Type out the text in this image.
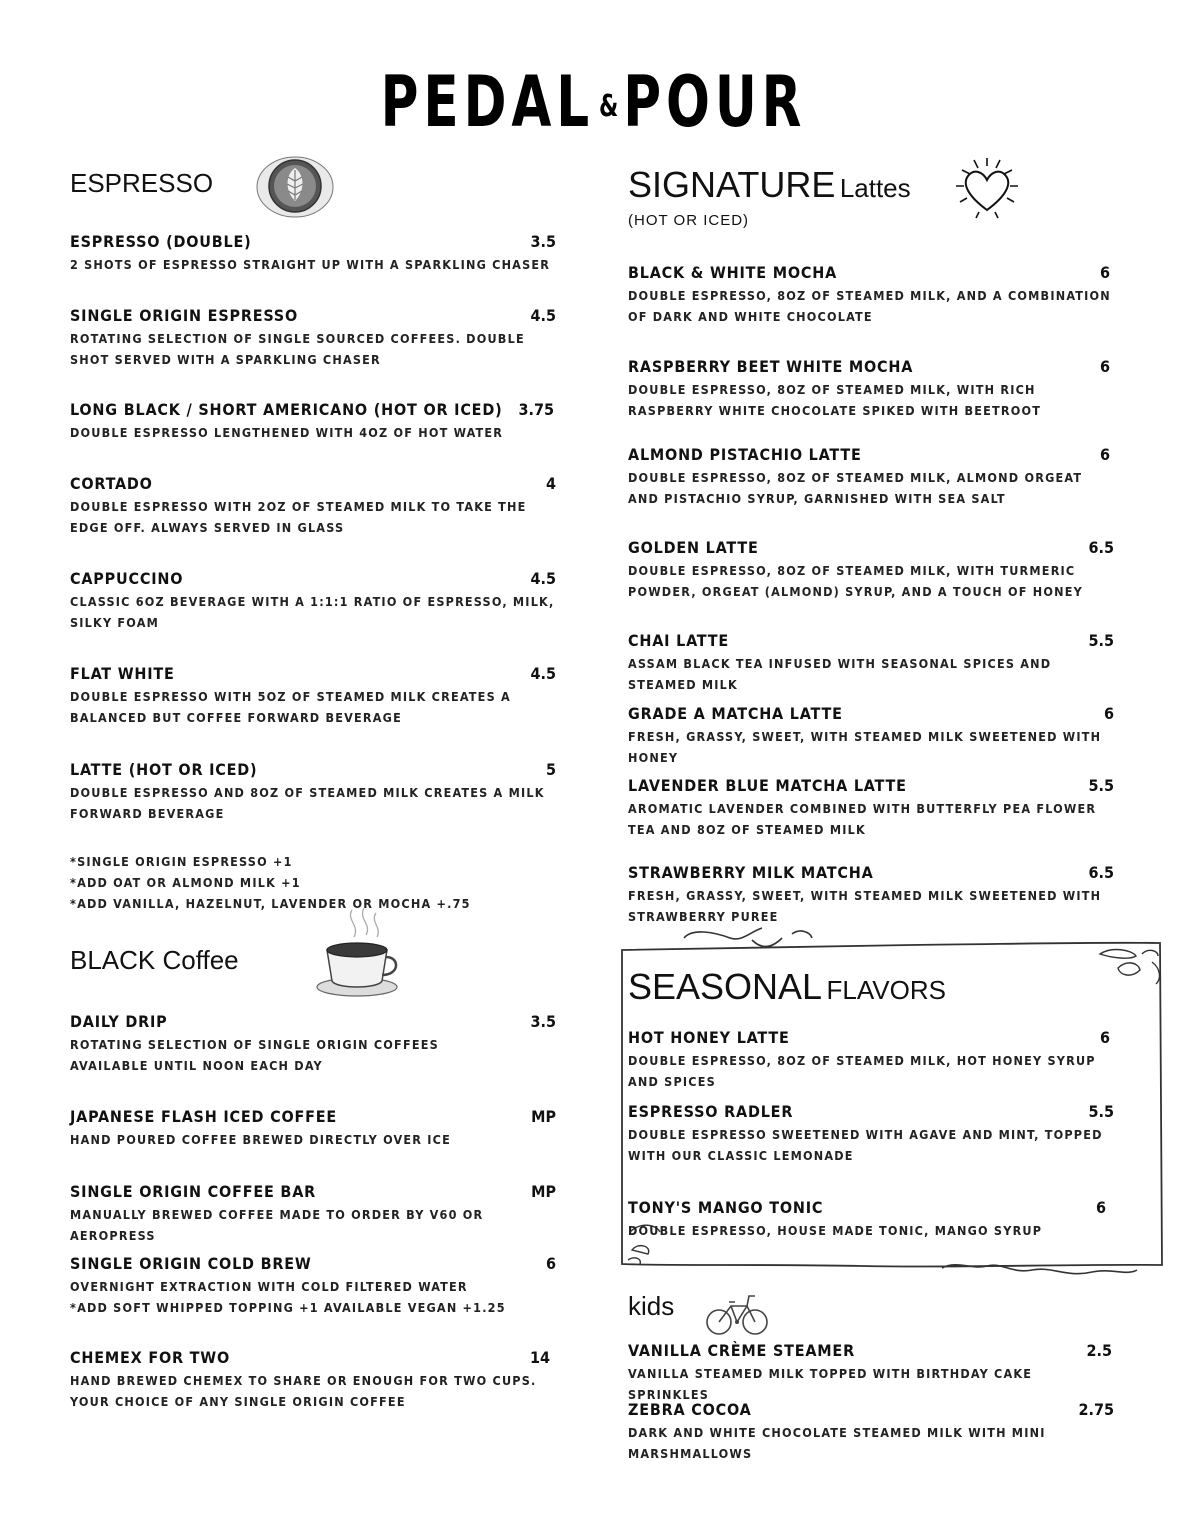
PEDAL &POUR
ESPRESSO
ESPRESSO (DOUBLE)	3.5
2 SHOTS OF ESPRESSO STRAIGHT UP WITH A SPARKLING CHASER
SINGLE ORIGIN ESPRESSO	4.5
ROTATING SELECTION OF SINGLE SOURCED COFFEES. DOUBLE SHOT SERVED WITH A SPARKLING CHASER
LONG BLACK / SHORT AMERICANO (HOT OR ICED)	3.75
DOUBLE ESPRESSO LENGTHENED WITH 4OZ OF HOT WATER
CORTADO	4
DOUBLE ESPRESSO WITH 2OZ OF STEAMED MILK TO TAKE THE EDGE OFF. ALWAYS SERVED IN GLASS
CAPPUCCINO	4.5
CLASSIC 6OZ BEVERAGE WITH A 1:1:1 RATIO OF ESPRESSO, MILK, SILKY FOAM
FLAT WHITE	4.5
DOUBLE ESPRESSO WITH 5OZ OF STEAMED MILK CREATES A BALANCED BUT COFFEE FORWARD BEVERAGE
LATTE (HOT OR ICED)	5
DOUBLE ESPRESSO AND 8OZ OF STEAMED MILK CREATES A MILK FORWARD BEVERAGE
*SINGLE ORIGIN ESPRESSO +1
*ADD OAT OR ALMOND MILK +1
*ADD VANILLA, HAZELNUT, LAVENDER OR MOCHA +.75
BLACK Coffee
DAILY DRIP	3.5
ROTATING SELECTION OF SINGLE ORIGIN COFFEES
AVAILABLE UNTIL NOON EACH DAY
JAPANESE FLASH ICED COFFEE	MP
HAND POURED COFFEE BREWED DIRECTLY OVER ICE
SINGLE ORIGIN COFFEE BAR	MP
MANUALLY BREWED COFFEE MADE TO ORDER BY V60 OR AEROPRESS
SINGLE ORIGIN COLD BREW	6
OVERNIGHT EXTRACTION WITH COLD FILTERED WATER
*ADD SOFT WHIPPED TOPPING +1 AVAILABLE VEGAN +1.25
CHEMEX FOR TWO	14
HAND BREWED CHEMEX TO SHARE OR ENOUGH FOR TWO CUPS. YOUR CHOICE OF ANY SINGLE ORIGIN COFFEE
SIGNATURE Lattes
(HOT OR ICED)
BLACK & WHITE MOCHA	6
DOUBLE ESPRESSO, 8OZ OF STEAMED MILK, AND A COMBINATION OF DARK AND WHITE CHOCOLATE
RASPBERRY BEET WHITE MOCHA	6
DOUBLE ESPRESSO, 8OZ OF STEAMED MILK, WITH RICH RASPBERRY WHITE CHOCOLATE SPIKED WITH BEETROOT
ALMOND PISTACHIO LATTE	6
DOUBLE ESPRESSO, 8OZ OF STEAMED MILK, ALMOND ORGEAT AND PISTACHIO SYRUP, GARNISHED WITH SEA SALT
GOLDEN LATTE	6.5
DOUBLE ESPRESSO, 8OZ OF STEAMED MILK, WITH TURMERIC POWDER, ORGEAT (ALMOND) SYRUP, AND A TOUCH OF HONEY
CHAI LATTE	5.5
ASSAM BLACK TEA INFUSED WITH SEASONAL SPICES AND STEAMED MILK
GRADE A MATCHA LATTE	6
FRESH, GRASSY, SWEET, WITH STEAMED MILK SWEETENED WITH HONEY
LAVENDER BLUE MATCHA LATTE	5.5
AROMATIC LAVENDER COMBINED WITH BUTTERFLY PEA FLOWER TEA AND 8OZ OF STEAMED MILK
STRAWBERRY MILK MATCHA	6.5
FRESH, GRASSY, SWEET, WITH STEAMED MILK SWEETENED WITH STRAWBERRY PUREE
SEASONAL FLAVORS
HOT HONEY LATTE	6
DOUBLE ESPRESSO, 8OZ OF STEAMED MILK, HOT HONEY SYRUP AND SPICES
ESPRESSO RADLER	5.5
DOUBLE ESPRESSO SWEETENED WITH AGAVE AND MINT, TOPPED WITH OUR CLASSIC LEMONADE
TONY'S MANGO TONIC	6
DOUBLE ESPRESSO, HOUSE MADE TONIC, MANGO SYRUP
kids
VANILLA CRÈME STEAMER	2.5
VANILLA STEAMED MILK TOPPED WITH BIRTHDAY CAKE SPRINKLES
ZEBRA COCOA	2.75
DARK AND WHITE CHOCOLATE STEAMED MILK WITH MINI MARSHMALLOWS
